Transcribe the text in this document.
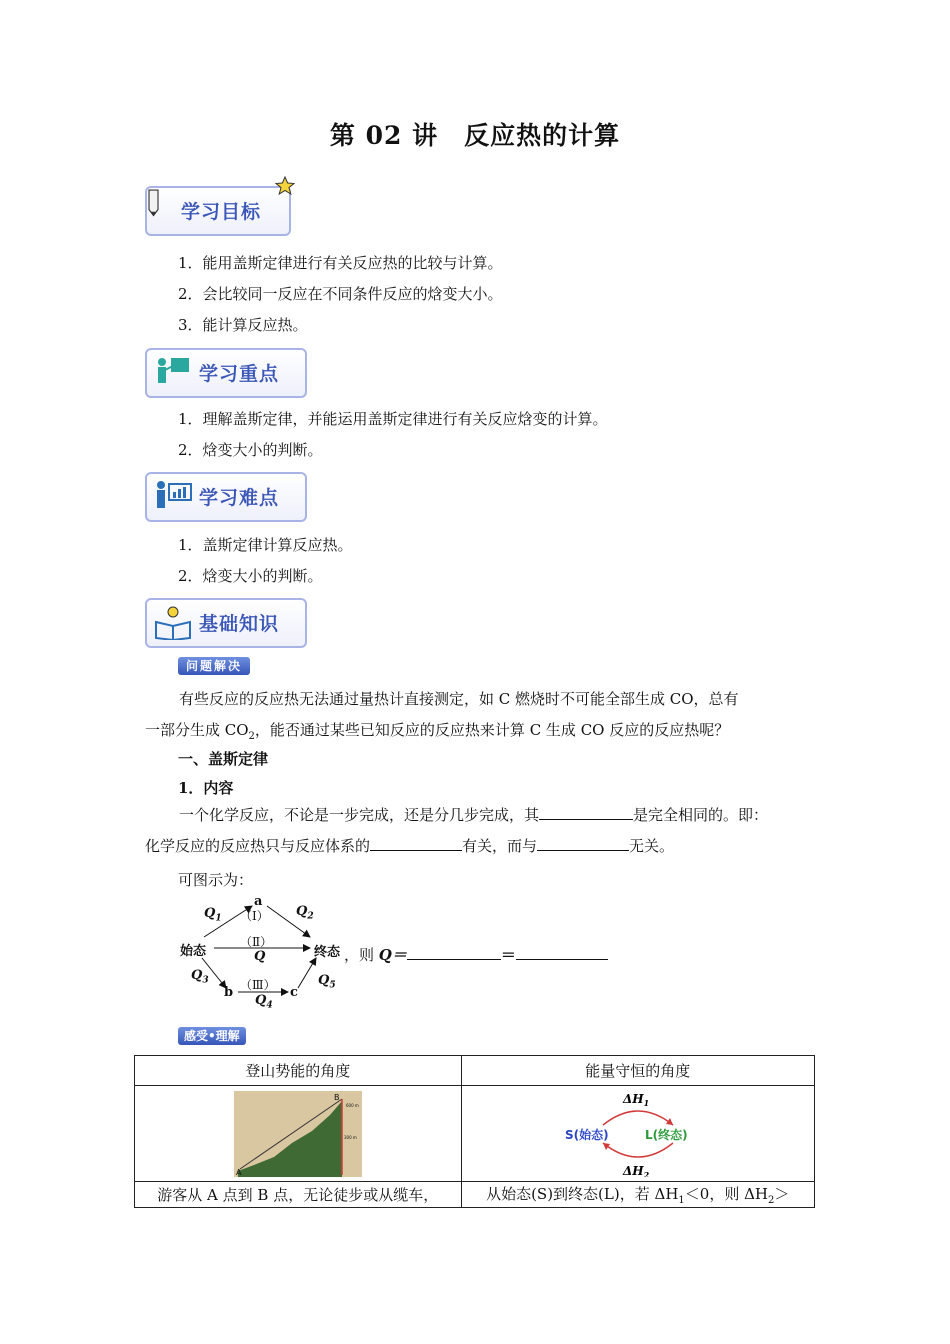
第 02 讲　反应热的计算
学习目标
1．能用盖斯定律进行有关反应热的比较与计算。
2．会比较同一反应在不同条件反应的焓变大小。
3．能计算反应热。
学习重点
1．理解盖斯定律，并能运用盖斯定律进行有关反应焓变的计算。
2．焓变大小的判断。
学习难点
1．盖斯定律计算反应热。
2．焓变大小的判断。
基础知识
问题解决
有些反应的反应热无法通过量热计直接测定，如 C 燃烧时不可能全部生成 CO，总有
一部分生成 $CO_2$，能否通过某些已知反应的反应热来计算 C 生成 CO 反应的反应热呢？
一、盖斯定律
1．内容
一个化学反应，不论是一步完成，还是分几步完成，其	是完全相同的。即：
化学反应的反应热只与反应体系的	有关，而与	无关。
可图示为：
始态	终态
a
b	c
（Ⅰ）
（Ⅱ）
（Ⅲ）
Q
$Q_1$	$Q_2$
$Q_3$
$Q_4$
$Q_5$
，则 Q＝	＝
感受•理解
登山势能的角度	能量守恒的角度

A
B
600 m
300 m	$\Delta H_1$
$\Delta H_2$
S(始态) L(终态)

游客从 A 点到 B 点，无论徒步或从缆车，	从始态(S)到终态(L)，若 $\Delta H_1<0$，则 $\Delta H_2>$
